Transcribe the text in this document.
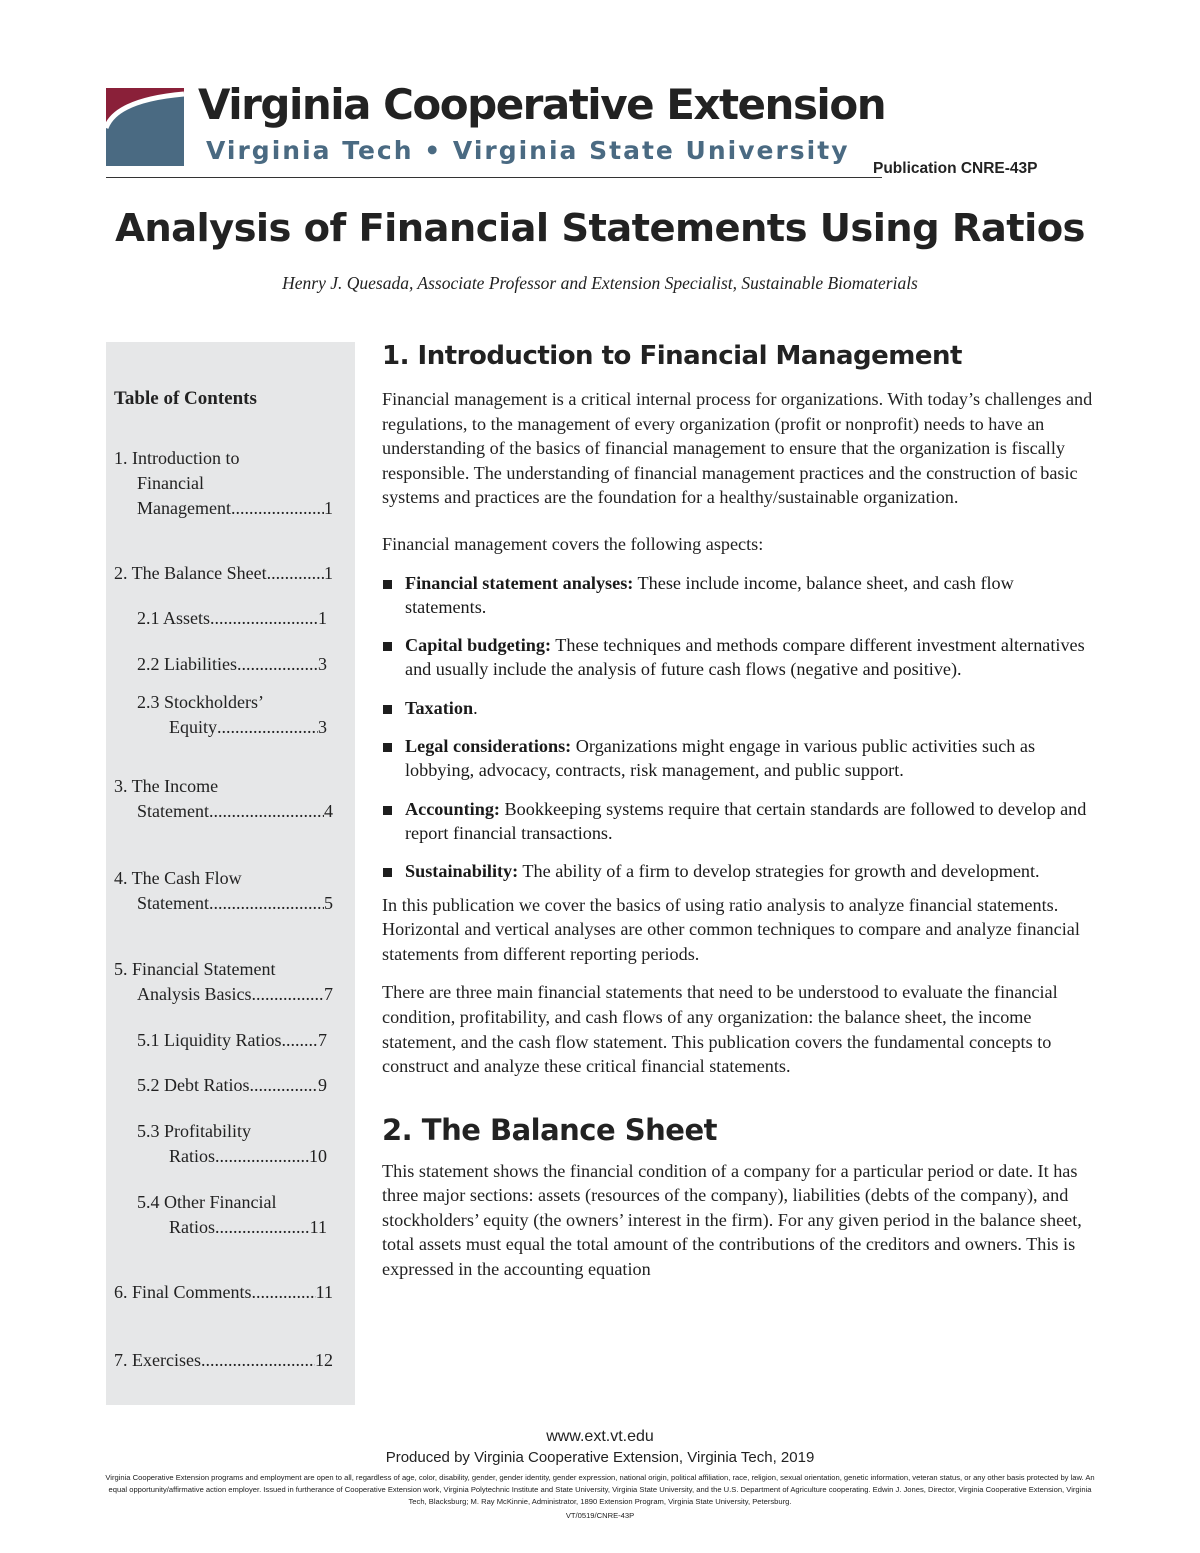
Virginia Cooperative Extension
Virginia Tech • Virginia State University
Publication CNRE-43P
Analysis of Financial Statements Using Ratios
Henry J. Quesada, Associate Professor and Extension Specialist, Sustainable Biomaterials
Table of Contents
1. Introduction to
Financial
Management .....	1
2. The Balance Sheet .....	1
2.1 Assets .....	1
2.2 Liabilities .....	3
2.3 Stockholders’
Equity .....	3
3. The Income
Statement .....	4
4. The Cash Flow
Statement .....	5
5. Financial Statement
Analysis Basics .....	7
5.1 Liquidity Ratios ..... 7
5.2 Debt Ratios .....	9
5.3 Profitability
Ratios .....	10
5.4 Other Financial
Ratios .....	11
6. Final Comments .....	11
7. Exercises .....	12
1. Introduction to Financial Management

Financial management is a critical internal process for organizations. With today’s challenges and regulations, to the management of every organization (profit or nonprofit) needs to have an understanding of the basics of financial management to ensure that the organization is fiscally responsible. The understanding of financial management practices and the construction of basic systems and practices are the foundation for a healthy/sustainable organization.

Financial management covers the following aspects:

Financial statement analyses: These include income, balance sheet, and cash flow statements.
Capital budgeting: These techniques and methods compare different investment alternatives and usually include the analysis of future cash flows (negative and positive).
Taxation.
Legal considerations: Organizations might engage in various public activities such as lobbying, advocacy, contracts, risk management, and public support.
Accounting: Bookkeeping systems require that certain standards are followed to develop and report financial transactions.
Sustainability: The ability of a firm to develop strategies for growth and development.

In this publication we cover the basics of using ratio analysis to analyze financial statements. Horizontal and vertical analyses are other common techniques to compare and analyze financial statements from different reporting periods.

There are three main financial statements that need to be understood to evaluate the financial condition, profitability, and cash flows of any organization: the balance sheet, the income statement, and the cash flow statement. This publication covers the fundamental concepts to construct and analyze these critical financial statements.

2. The Balance Sheet

This statement shows the financial condition of a company for a particular period or date. It has three major sections: assets (resources of the company), liabilities (debts of the company), and stockholders’ equity (the owners’ interest in the firm). For any given period in the balance sheet, total assets must equal the total amount of the contributions of the creditors and owners. This is expressed in the accounting equation

www.ext.vt.edu
Produced by Virginia Cooperative Extension, Virginia Tech, 2019
Virginia Cooperative Extension programs and employment are open to all, regardless of age, color, disability, gender, gender identity, gender expression, national origin, political affiliation, race, religion, sexual orientation, genetic information, veteran status, or any other basis protected by law. An equal opportunity/affirmative action employer. Issued in furtherance of Cooperative Extension work, Virginia Polytechnic Institute and State University, Virginia State University, and the U.S. Department of Agriculture cooperating. Edwin J. Jones, Director, Virginia Cooperative Extension, Virginia Tech, Blacksburg; M. Ray McKinnie, Administrator, 1890 Extension Program, Virginia State University, Petersburg.
VT/0519/CNRE-43P
